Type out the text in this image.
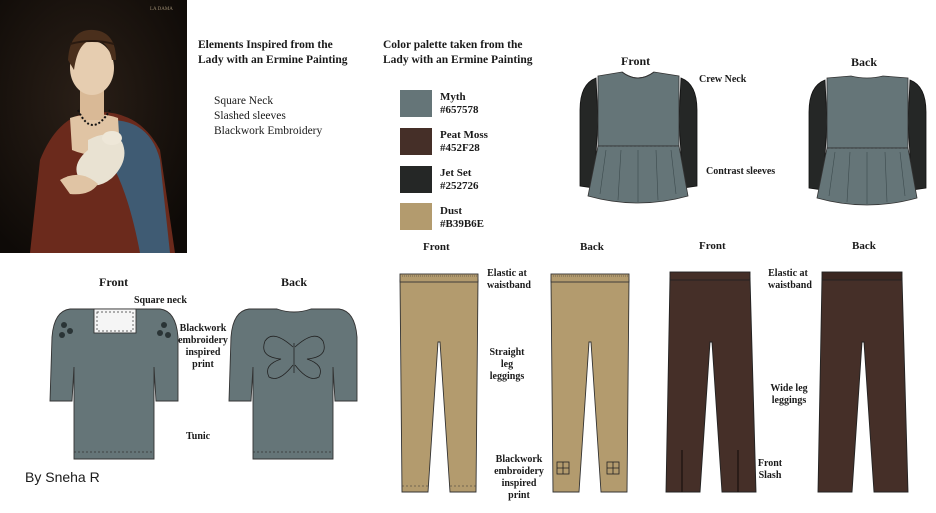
LA DAMA
Elements Inspired from the
Lady with an Ermine Painting
Square Neck
Slashed sleeves
Blackwork Embroidery
Color palette taken from the
Lady with an Ermine Painting
Myth
#657578
Peat Moss
#452F28
Jet Set
#252726
Dust
#B39B6E
Front	Back
Crew Neck
Contrast sleeves
Front	Back
Square neck
Blackwork
embroidery
inspired
print
Tunic
Front	Back
Elastic at
waistband
Straight leg
leggings
Blackwork
embroidery
inspired
print
Front	Back
Elastic at
waistband
Wide leg
leggings
Front
Slash
By Sneha R
